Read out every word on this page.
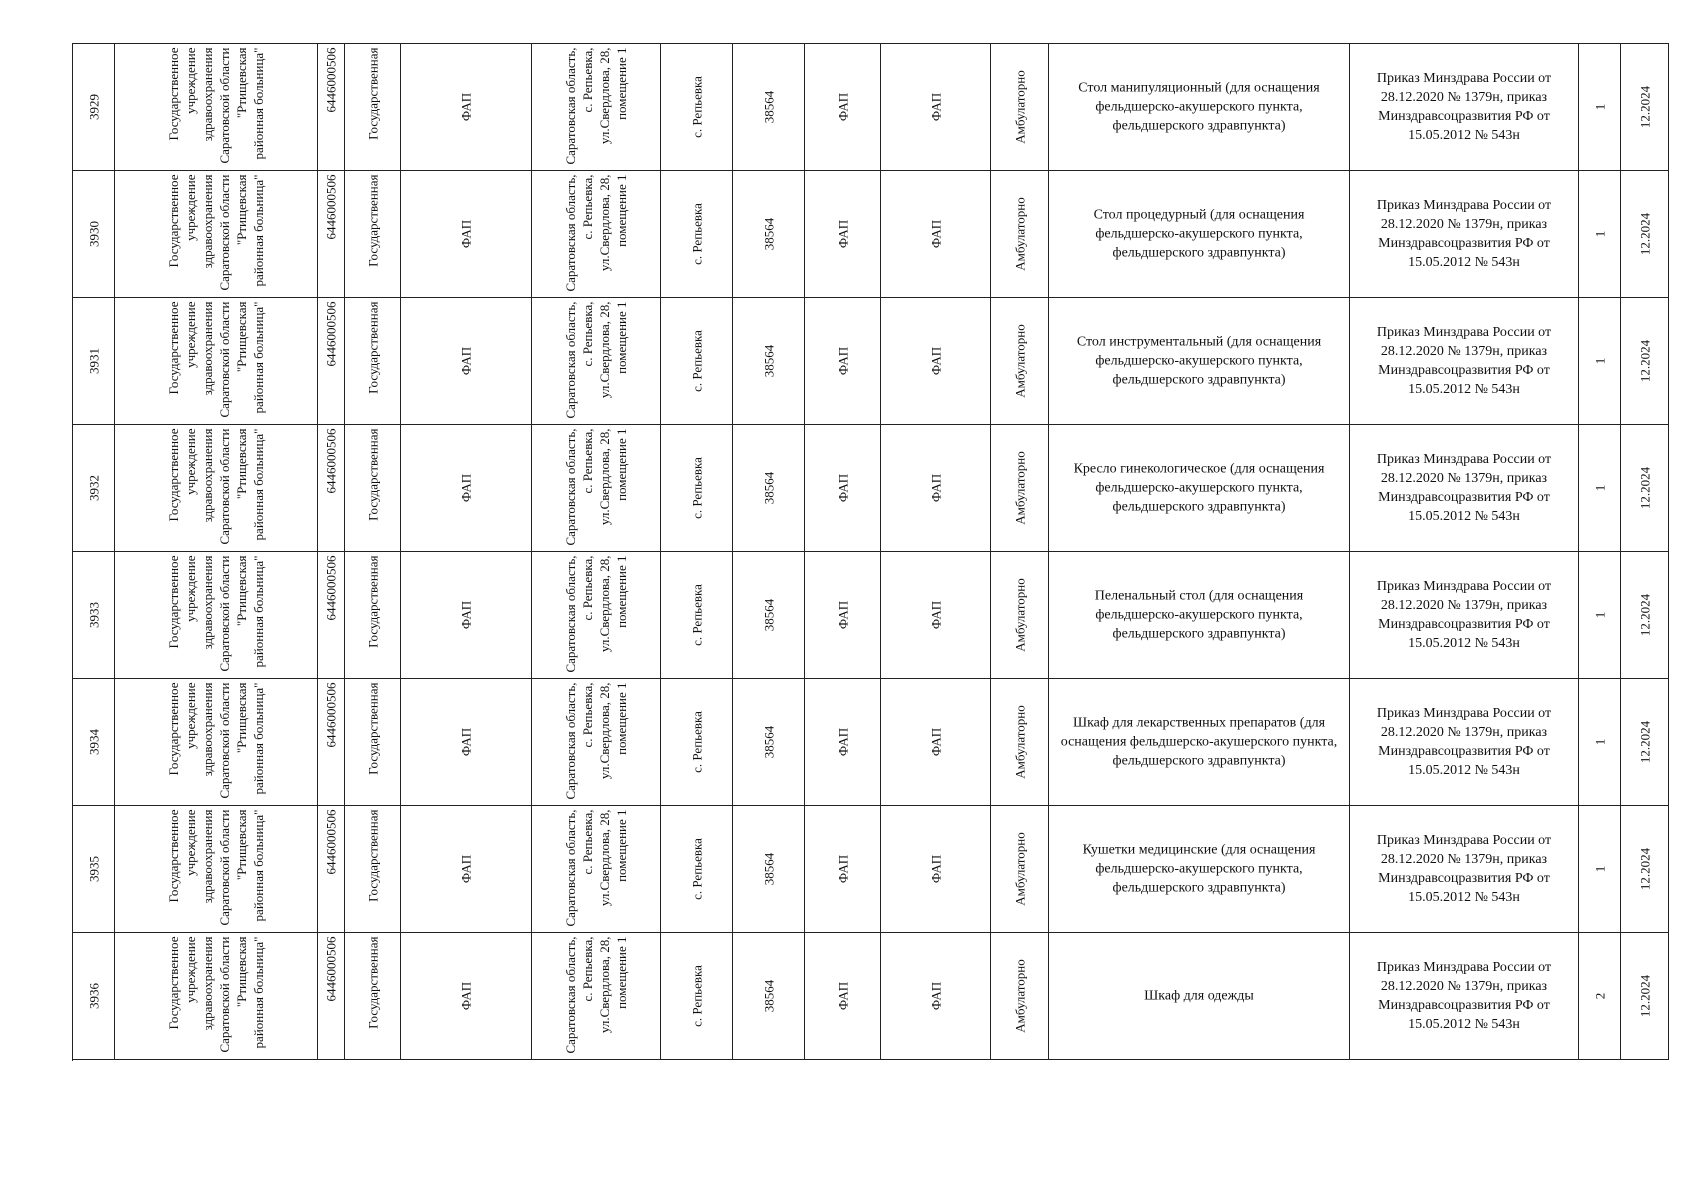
3929	Государственное учреждение здравоохранения Саратовской области "Ртищевская районная больница"	6446000506 Государственная	ФАП	Саратовская область, с. Репьевка, ул.Свердлова, 28, помещение 1	с. Репьевка	38564	ФАП	ФАП	Амбулаторно	Стол манипуляционный (для оснащения фельдшерско-акушерского пункта, фельдшерского здравпункта)
Приказ Минздрава России от 28.12.2020 № 1379н, приказ Минздравсоцразвития РФ от 15.05.2012 № 543н
1 12.2024
3930	Государственное учреждение здравоохранения Саратовской области "Ртищевская районная больница"	6446000506 Государственная	ФАП	Саратовская область, с. Репьевка, ул.Свердлова, 28, помещение 1	с. Репьевка	38564	ФАП	ФАП	Амбулаторно	Стол процедурный (для оснащения фельдшерско-акушерского пункта, фельдшерского здравпункта)
Приказ Минздрава России от 28.12.2020 № 1379н, приказ Минздравсоцразвития РФ от 15.05.2012 № 543н
1 12.2024
3931	Государственное учреждение здравоохранения Саратовской области "Ртищевская районная больница"	6446000506 Государственная	ФАП	Саратовская область, с. Репьевка, ул.Свердлова, 28, помещение 1	с. Репьевка	38564	ФАП	ФАП	Амбулаторно	Стол инструментальный (для оснащения фельдшерско-акушерского пункта, фельдшерского здравпункта)
Приказ Минздрава России от 28.12.2020 № 1379н, приказ Минздравсоцразвития РФ от 15.05.2012 № 543н
1 12.2024
3932	Государственное учреждение здравоохранения Саратовской области "Ртищевская районная больница"	6446000506 Государственная	ФАП	Саратовская область, с. Репьевка, ул.Свердлова, 28, помещение 1	с. Репьевка	38564	ФАП	ФАП	Амбулаторно	Кресло гинекологическое (для оснащения фельдшерско-акушерского пункта, фельдшерского здравпункта)
Приказ Минздрава России от 28.12.2020 № 1379н, приказ Минздравсоцразвития РФ от 15.05.2012 № 543н
1 12.2024
3933	Государственное учреждение здравоохранения Саратовской области "Ртищевская районная больница"	6446000506 Государственная	ФАП	Саратовская область, с. Репьевка, ул.Свердлова, 28, помещение 1	с. Репьевка	38564	ФАП	ФАП	Амбулаторно	Пеленальный стол (для оснащения фельдшерско-акушерского пункта, фельдшерского здравпункта)
Приказ Минздрава России от 28.12.2020 № 1379н, приказ Минздравсоцразвития РФ от 15.05.2012 № 543н
1 12.2024
3934	Государственное учреждение здравоохранения Саратовской области "Ртищевская районная больница"	6446000506 Государственная	ФАП	Саратовская область, с. Репьевка, ул.Свердлова, 28, помещение 1	с. Репьевка	38564	ФАП	ФАП	Амбулаторно	Шкаф для лекарственных препаратов (для оснащения фельдшерско-акушерского пункта, фельдшерского здравпункта)
Приказ Минздрава России от 28.12.2020 № 1379н, приказ Минздравсоцразвития РФ от 15.05.2012 № 543н
1 12.2024
3935	Государственное учреждение здравоохранения Саратовской области "Ртищевская районная больница"	6446000506 Государственная	ФАП	Саратовская область, с. Репьевка, ул.Свердлова, 28, помещение 1	с. Репьевка	38564	ФАП	ФАП	Амбулаторно	Кушетки медицинские (для оснащения фельдшерско-акушерского пункта, фельдшерского здравпункта)
Приказ Минздрава России от 28.12.2020 № 1379н, приказ Минздравсоцразвития РФ от 15.05.2012 № 543н
1 12.2024
3936	Государственное учреждение здравоохранения Саратовской области "Ртищевская районная больница"	6446000506 Государственная	ФАП	Саратовская область, с. Репьевка, ул.Свердлова, 28, помещение 1	с. Репьевка	38564	ФАП	ФАП	Амбулаторно	Шкаф для одежды
Приказ Минздрава России от 28.12.2020 № 1379н, приказ Минздравсоцразвития РФ от 15.05.2012 № 543н
2 12.2024
